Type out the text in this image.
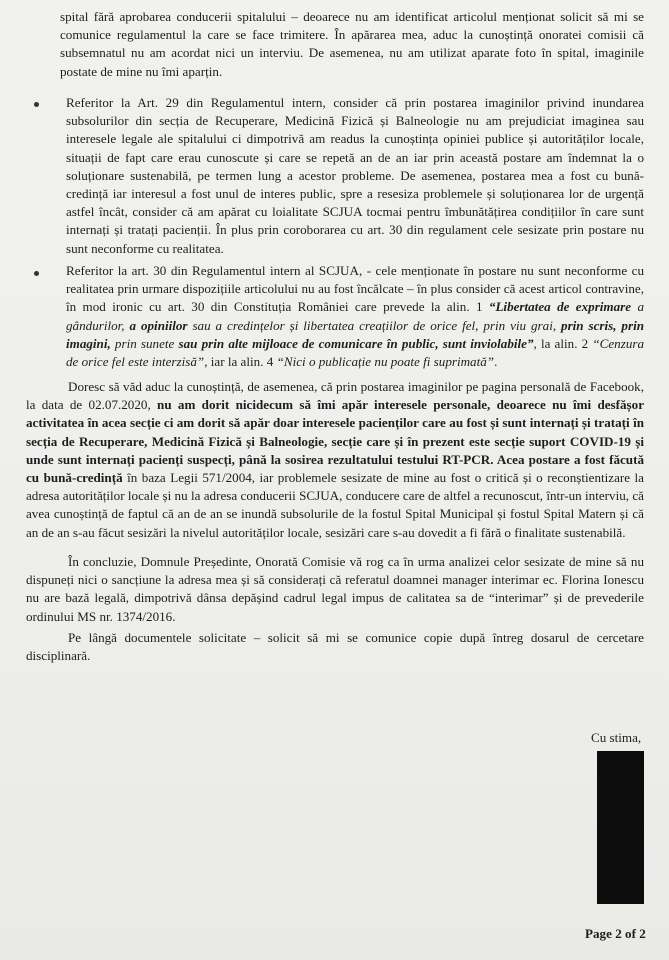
spital fără aprobarea conducerii spitalului – deoarece nu am identificat articolul menționat solicit să mi se comunice regulamentul la care se face trimitere. În apărarea mea, aduc la cunoștință onoratei comisii că subsemnatul nu am acordat nici un interviu. De asemenea, nu am utilizat aparate foto în spital, imaginile postate de mine nu îmi aparțin.

Referitor la Art. 29 din Regulamentul intern, consider că prin postarea imaginilor privind inundarea subsolurilor din secția de Recuperare, Medicină Fizică și Balneologie nu am prejudiciat imaginea sau interesele legale ale spitalului ci dimpotrivă am readus la cunoștința opiniei publice și autorităților locale, situații de fapt care erau cunoscute și care se repetă an de an iar prin această postare am îndemnat la o soluționare sustenabilă, pe termen lung a acestor probleme. De asemenea, postarea mea a fost cu bună-credință iar interesul a fost unul de interes public, spre a resesiza problemele și soluționarea lor de urgență astfel încât, consider că am apărat cu loialitate SCJUA tocmai pentru îmbunătățirea condițiilor în care sunt internați și tratați pacienții. În plus prin coroborarea cu art. 30 din regulament cele sesizate prin postare nu sunt neconforme cu realitatea.

Referitor la art. 30 din Regulamentul intern al SCJUA, - cele menționate în postare nu sunt neconforme cu realitatea prin urmare dispozițiile articolului nu au fost încălcate – în plus consider că acest articol contravine, în mod ironic cu art. 30 din Constituția României care prevede la alin. 1 “Libertatea de exprimare a gândurilor, a opiniilor sau a credințelor și libertatea creațiilor de orice fel, prin viu grai, prin scris, prin imagini, prin sunete sau prin alte mijloace de comunicare în public, sunt inviolabile”, la alin. 2 “Cenzura de orice fel este interzisă”, iar la alin. 4 “Nici o publicație nu poate fi suprimată”.

Doresc să văd aduc la cunoștință, de asemenea, că prin postarea imaginilor pe pagina personală de Facebook, la data de 02.07.2020, nu am dorit nicidecum să îmi apăr interesele personale, deoarece nu îmi desfășor activitatea în acea secție ci am dorit să apăr doar interesele pacienților care au fost și sunt internați și tratați în secția de Recuperare, Medicină Fizică și Balneologie, secție care și în prezent este secție suport COVID-19 și unde sunt internați pacienți suspecți, până la sosirea rezultatului testului RT-PCR. Acea postare a fost făcută cu bună-credință în baza Legii 571/2004, iar problemele sesizate de mine au fost o critică și o reconștientizare la adresa autorităților locale și nu la adresa conducerii SCJUA, conducere care de altfel a recunoscut, într-un interviu, că avea cunoștință de faptul că an de an se inundă subsolurile de la fostul Spital Municipal și fostul Spital Matern și că an de an s-au făcut sesizări la nivelul autorităților locale, sesizări care s-au dovedit a fi fără o finalitate sustenabilă.

În concluzie, Domnule Președinte, Onorată Comisie vă rog ca în urma analizei celor sesizate de mine să nu dispuneți nici o sancțiune la adresa mea și să considerați că referatul doamnei manager interimar ec. Florina Ionescu nu are bază legală, dimpotrivă dânsa depășind cadrul legal impus de calitatea sa de “interimar” și de prevederile ordinului MS nr. 1374/2016.

Pe lângă documentele solicitate – solicit să mi se comunice copie după întreg dosarul de cercetare disciplinară.

Cu stima,
Page 2 of 2
